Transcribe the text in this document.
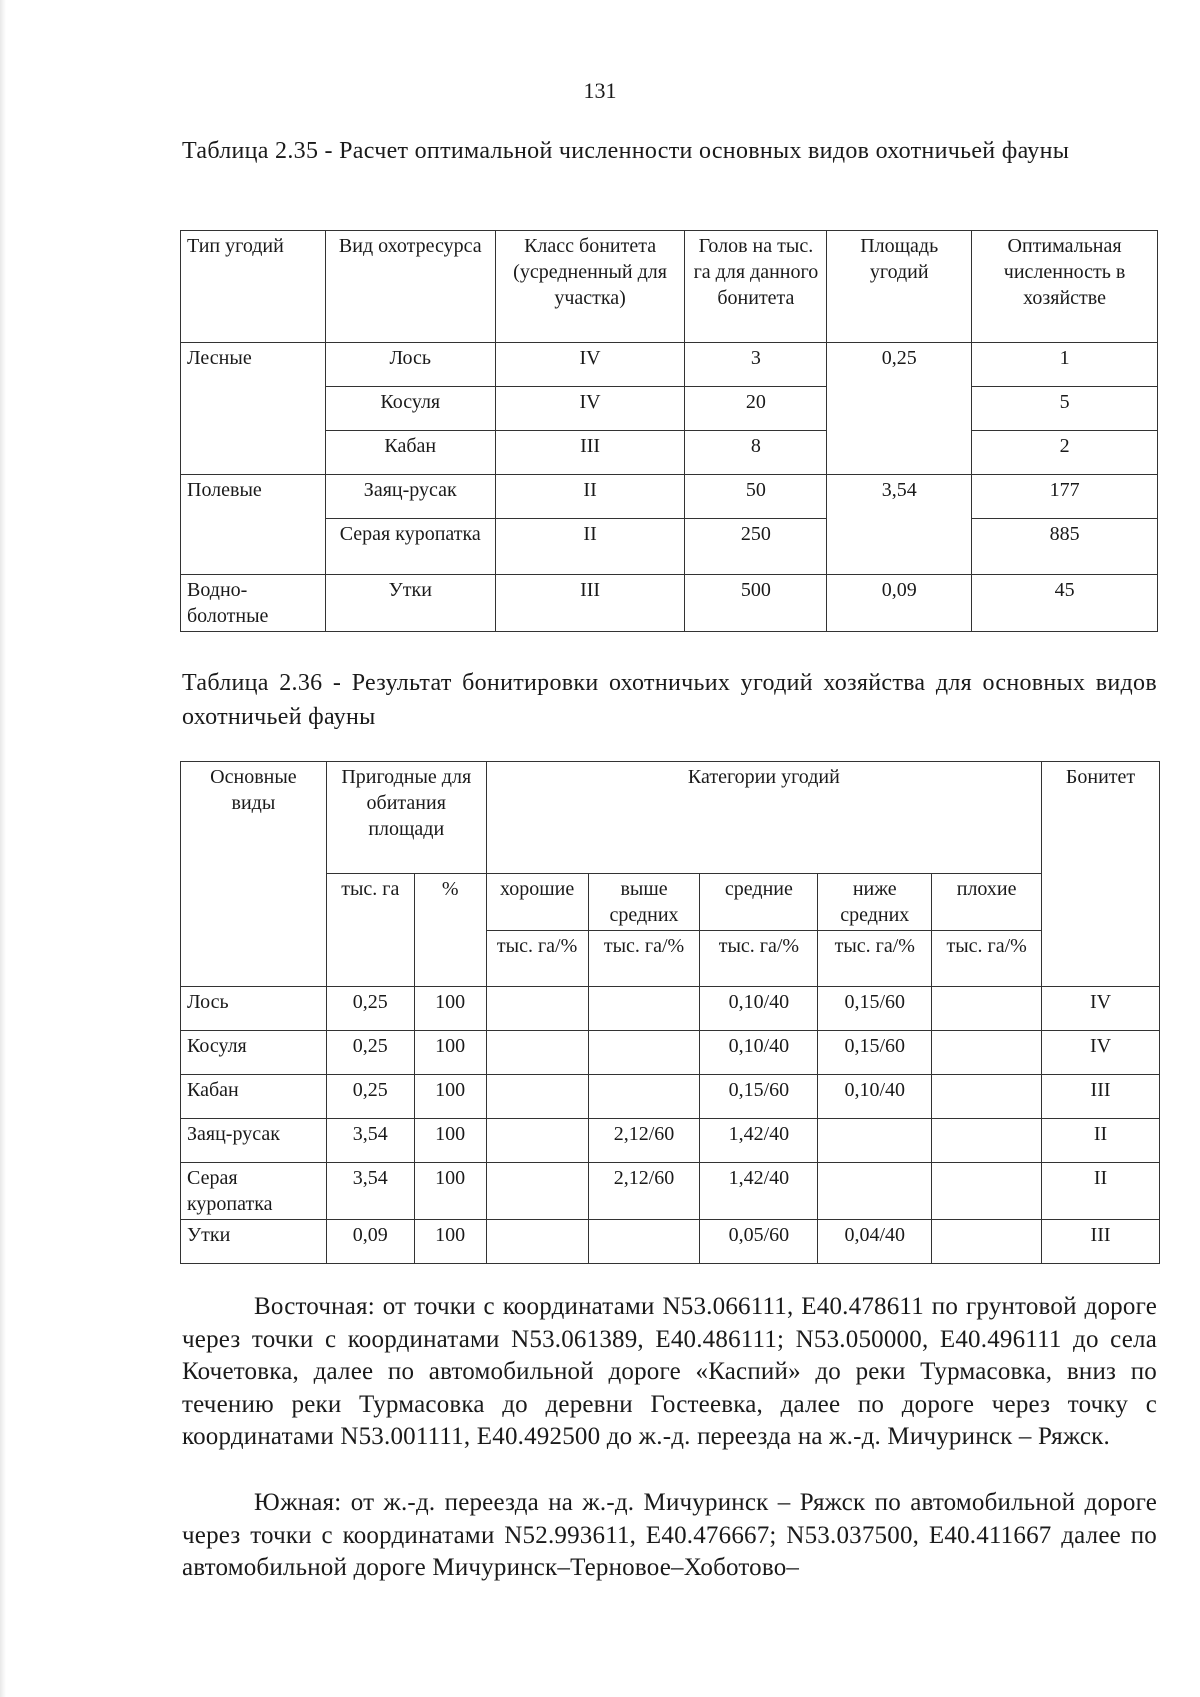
131
Таблица 2.35 - Расчет оптимальной численности основных видов охотничьей фауны
Тип угодий	Вид охотресурса	Класс бонитета (усредненный для участка)	Голов на тыс. га для данного бонитета	Площадь угодий	Оптимальная численность в хозяйстве
Лесные	Лось	IV	3	0,25	1
	Косуля	IV	20		5
	Кабан	III	8		2
Полевые	Заяц-русак	II	50	3,54	177
	Серая куропатка	II	250		885
Водно-болотные	Утки	III	500	0,09	45
Таблица 2.36 - Результат бонитировки охотничьих угодий хозяйства для основных видов охотничьей фауны
Основные виды	Пригодные для обитания площади		Категории угодий					Бонитет
	тыс. га	%	хорошие	выше средних	средние	ниже средних	плохие	
			тыс. га/%	тыс. га/%	тыс. га/%	тыс. га/%	тыс. га/%	
Лось	0,25	100			0,10/40	0,15/60		IV
Косуля	0,25	100			0,10/40	0,15/60		IV
Кабан	0,25	100			0,15/60	0,10/40		III
Заяц-русак	3,54	100		2,12/60	1,42/40			II
Серая куропатка	3,54	100		2,12/60	1,42/40			II
Утки	0,09	100			0,05/60	0,04/40		III
Восточная: от точки с координатами N53.066111, E40.478611 по грунтовой дороге через точки с координатами N53.061389, E40.486111; N53.050000, E40.496111 до села Кочетовка, далее по автомобильной дороге «Каспий» до реки Турмасовка, вниз по течению реки Турмасовка до деревни Гостеевка, далее по дороге через точку с координатами N53.001111, E40.492500 до ж.-д. переезда на ж.-д. Мичуринск – Ряжск.
Южная: от ж.-д. переезда на ж.-д. Мичуринск – Ряжск по автомобильной дороге через точки с координатами N52.993611, E40.476667; N53.037500, E40.411667 далее по автомобильной дороге Мичуринск–Терновое–Хоботово–
